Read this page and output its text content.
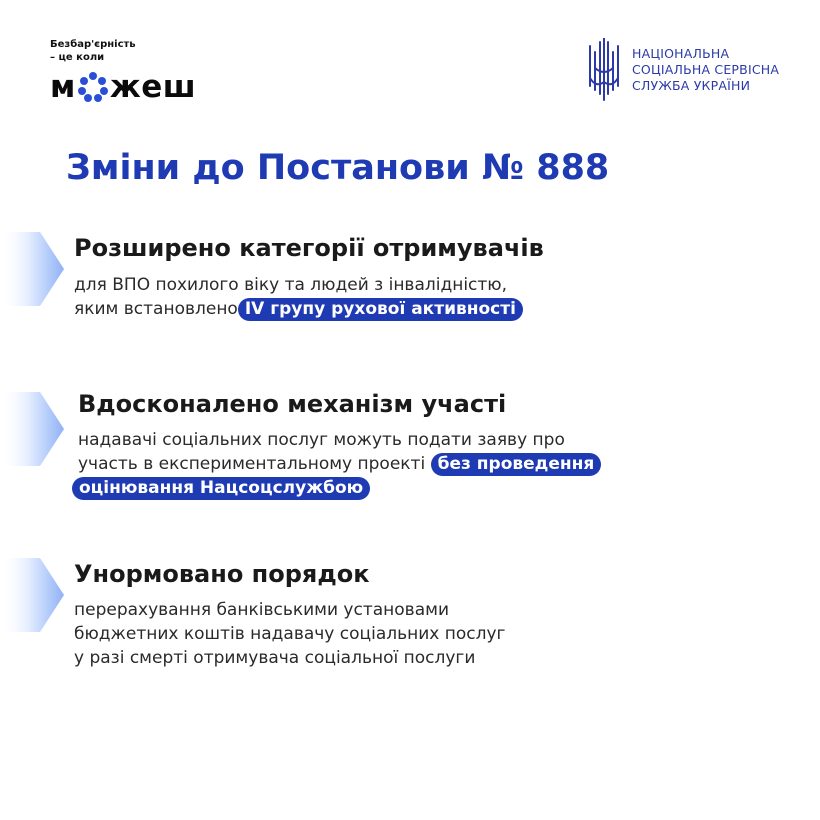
Безбар'єрність
– це коли
м жеш
НАЦІОНАЛЬНА
СОЦІАЛЬНА СЕРВІСНА
СЛУЖБА УКРАЇНИ
Зміни до Постанови № 888
Розширено категорії отримувачів
для ВПО похилого віку та людей з інвалідністю,
яким встановлено IV групу рухової активності
Вдосконалено механізм участі
надавачі соціальних послуг можуть подати заяву про
участь в експериментальному проекті без проведення
оцінювання Нацсоцслужбою
Унормовано порядок
перерахування банківськими установами
бюджетних коштів надавачу соціальних послуг
у разі смерті отримувача соціальної послуги
